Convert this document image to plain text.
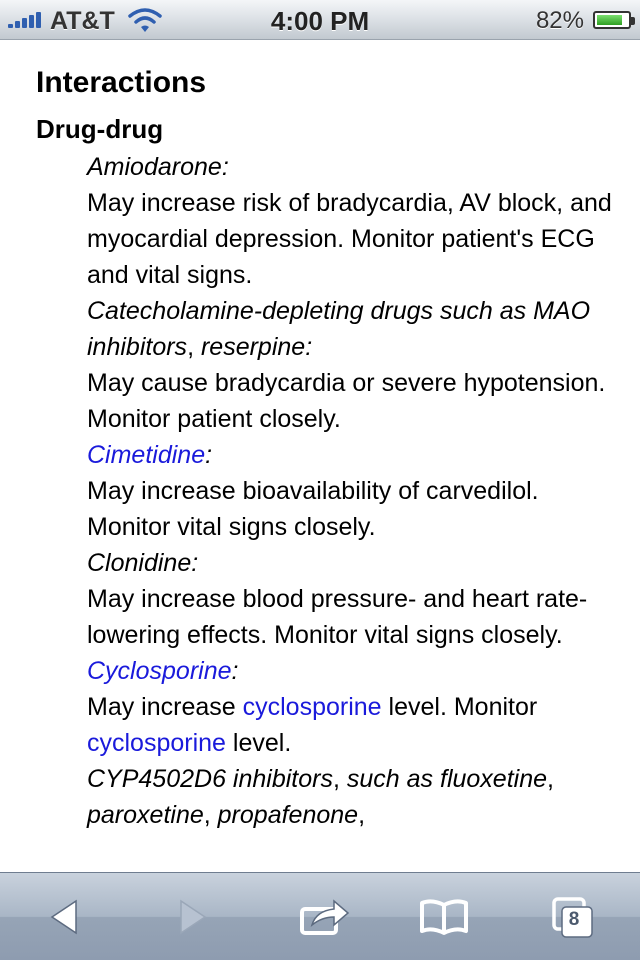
AT&T	4:00 PM	82%
Interactions
Drug-drug

Amiodarone:

May increase risk of bradycardia, AV block, and myocardial depression. Monitor patient's ECG and vital signs.

Catecholamine-depleting drugs such as MAO inhibitors, reserpine:

May cause bradycardia or severe hypotension. Monitor patient closely.

Cimetidine:

May increase bioavailability of carvedilol. Monitor vital signs closely.

Clonidine:

May increase blood pressure- and heart rate-lowering effects. Monitor vital signs closely.

Cyclosporine:

May increase cyclosporine level. Monitor cyclosporine level.

CYP4502D6 inhibitors, such as fluoxetine, paroxetine, propafenone,

8
